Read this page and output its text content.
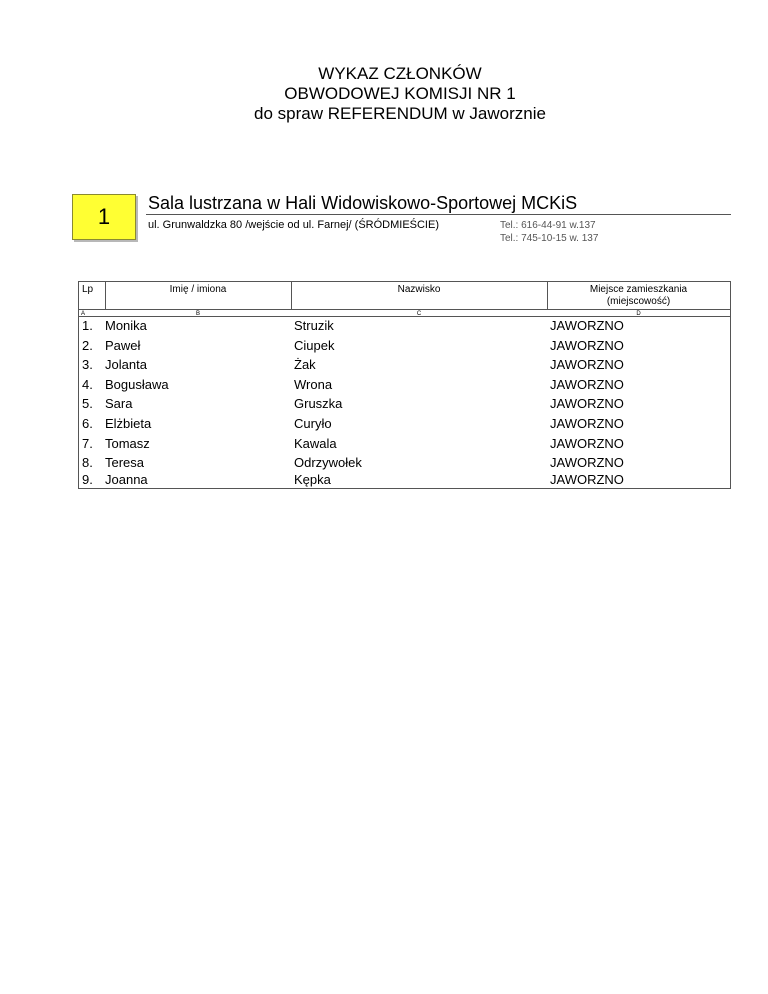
WYKAZ CZŁONKÓW
OBWODOWEJ KOMISJI NR 1
do spraw REFERENDUM w Jaworznie
1
Sala lustrzana w Hali Widowiskowo-Sportowej MCKiS
ul. Grunwaldzka 80 /wejście od ul. Farnej/ (ŚRÓDMIEŚCIE)	Tel.: 616-44-91 w.137
Tel.: 745-10-15 w. 137
Lp	Imię / imiona	Nazwisko	Miejsce zamieszkania
(miejscowość)
A	B	C	D
1. Monika	Struzik	JAWORZNO
2. Paweł	Ciupek	JAWORZNO
3. Jolanta	Żak	JAWORZNO
4. Bogusława	Wrona	JAWORZNO
5. Sara	Gruszka	JAWORZNO
6. Elżbieta	Curyło	JAWORZNO
7. Tomasz	Kawala	JAWORZNO
8. Teresa	Odrzywołek	JAWORZNO
9. Joanna	Kępka	JAWORZNO
